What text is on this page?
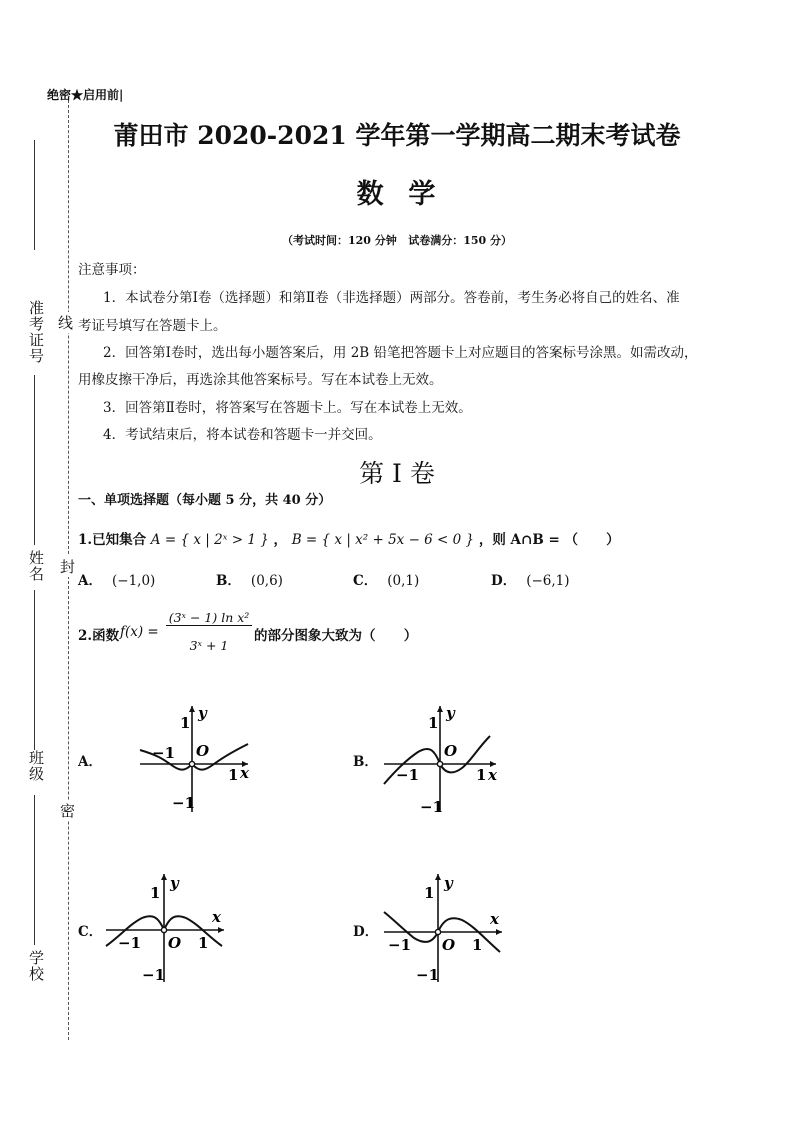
准考证号
姓名
班级
学校
线
封
密
绝密★启用前|
莆田市 2020-2021 学年第一学期高二期末考试卷
数  学
（考试时间：120 分钟   试卷满分：150 分）
注意事项：
1．本试卷分第Ⅰ卷（选择题）和第Ⅱ卷（非选择题）两部分。答卷前，考生务必将自己的姓名、准
考证号填写在答题卡上。
2．回答第Ⅰ卷时，选出每小题答案后，用 2B 铅笔把答题卡上对应题目的答案标号涂黑。如需改动，
用橡皮擦干净后，再选涂其他答案标号。写在本试卷上无效。
3．回答第Ⅱ卷时，将答案写在答题卡上。写在本试卷上无效。
4．考试结束后，将本试卷和答题卡一并交回。
第 I 卷
一、单项选择题（每小题 5 分，共 40 分）
1.已知集合 A = { x | 2ˣ > 1 } ， B = { x | x² + 5x − 6 < 0 } ，则 A∩B = （      ）
A． (−1,0)	B． (0,6)	C． (0,1)	D． (−6,1)
2.函数 f(x) =
(3ˣ − 1) ln x²
3ˣ + 1
的部分图象大致为（      ）
A．	B．
C．	D．
1
y
−1 O
1 x
−1
1
y
−1
O
1 x
−1
1
y
−1 O 1
x
−1
1
y
−1 O 1
x
−1
